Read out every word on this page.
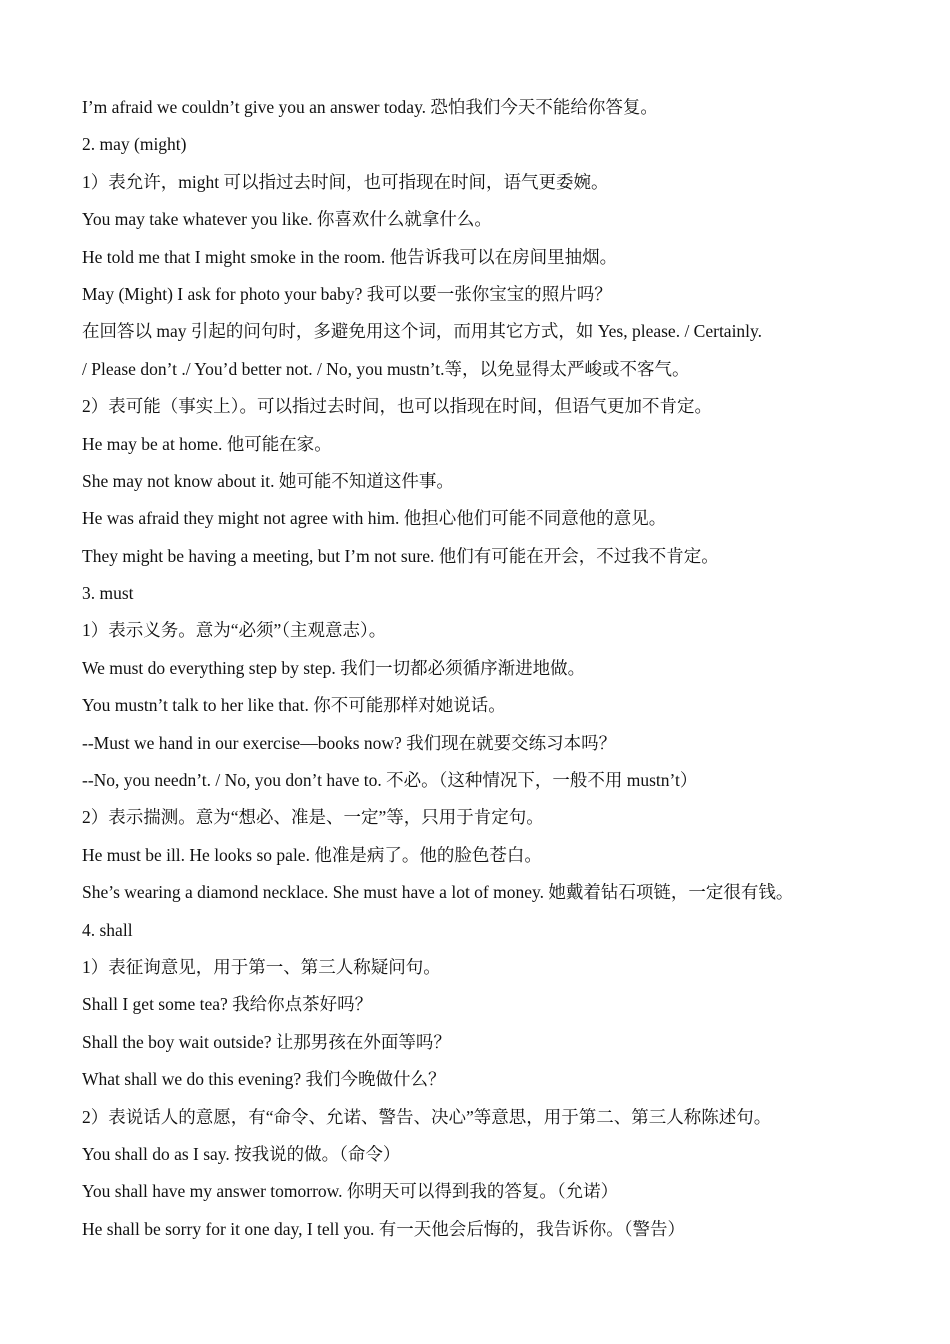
I’m afraid we couldn’t give you an answer today. 恐怕我们今天不能给你答复。
2. may (might)
1）表允许，might 可以指过去时间，也可指现在时间，语气更委婉。
You may take whatever you like. 你喜欢什么就拿什么。
He told me that I might smoke in the room. 他告诉我可以在房间里抽烟。
May (Might) I ask for photo your baby? 我可以要一张你宝宝的照片吗？
在回答以 may 引起的问句时，多避免用这个词，而用其它方式，如 Yes, please. / Certainly.
/ Please don’t ./ You’d better not. / No, you mustn’t.等，以免显得太严峻或不客气。
2）表可能（事实上）。可以指过去时间，也可以指现在时间，但语气更加不肯定。
He may be at home. 他可能在家。
She may not know about it. 她可能不知道这件事。
He was afraid they might not agree with him. 他担心他们可能不同意他的意见。
They might be having a meeting, but I’m not sure. 他们有可能在开会，不过我不肯定。
3. must
1）表示义务。意为“必须”（主观意志）。
We must do everything step by step. 我们一切都必须循序渐进地做。
You mustn’t talk to her like that. 你不可能那样对她说话。
--Must we hand in our exercise—books now? 我们现在就要交练习本吗？
--No, you needn’t. / No, you don’t have to. 不必。（这种情况下，一般不用 mustn’t）
2）表示揣测。意为“想必、准是、一定”等，只用于肯定句。
He must be ill. He looks so pale. 他准是病了。他的脸色苍白。
She’s wearing a diamond necklace. She must have a lot of money. 她戴着钻石项链，一定很有钱。
4. shall
1）表征询意见，用于第一、第三人称疑问句。
Shall I get some tea? 我给你点茶好吗？
Shall the boy wait outside? 让那男孩在外面等吗？
What shall we do this evening? 我们今晚做什么？
2）表说话人的意愿，有“命令、允诺、警告、决心”等意思，用于第二、第三人称陈述句。
You shall do as I say. 按我说的做。（命令）
You shall have my answer tomorrow. 你明天可以得到我的答复。（允诺）
He shall be sorry for it one day, I tell you. 有一天他会后悔的，我告诉你。（警告）
